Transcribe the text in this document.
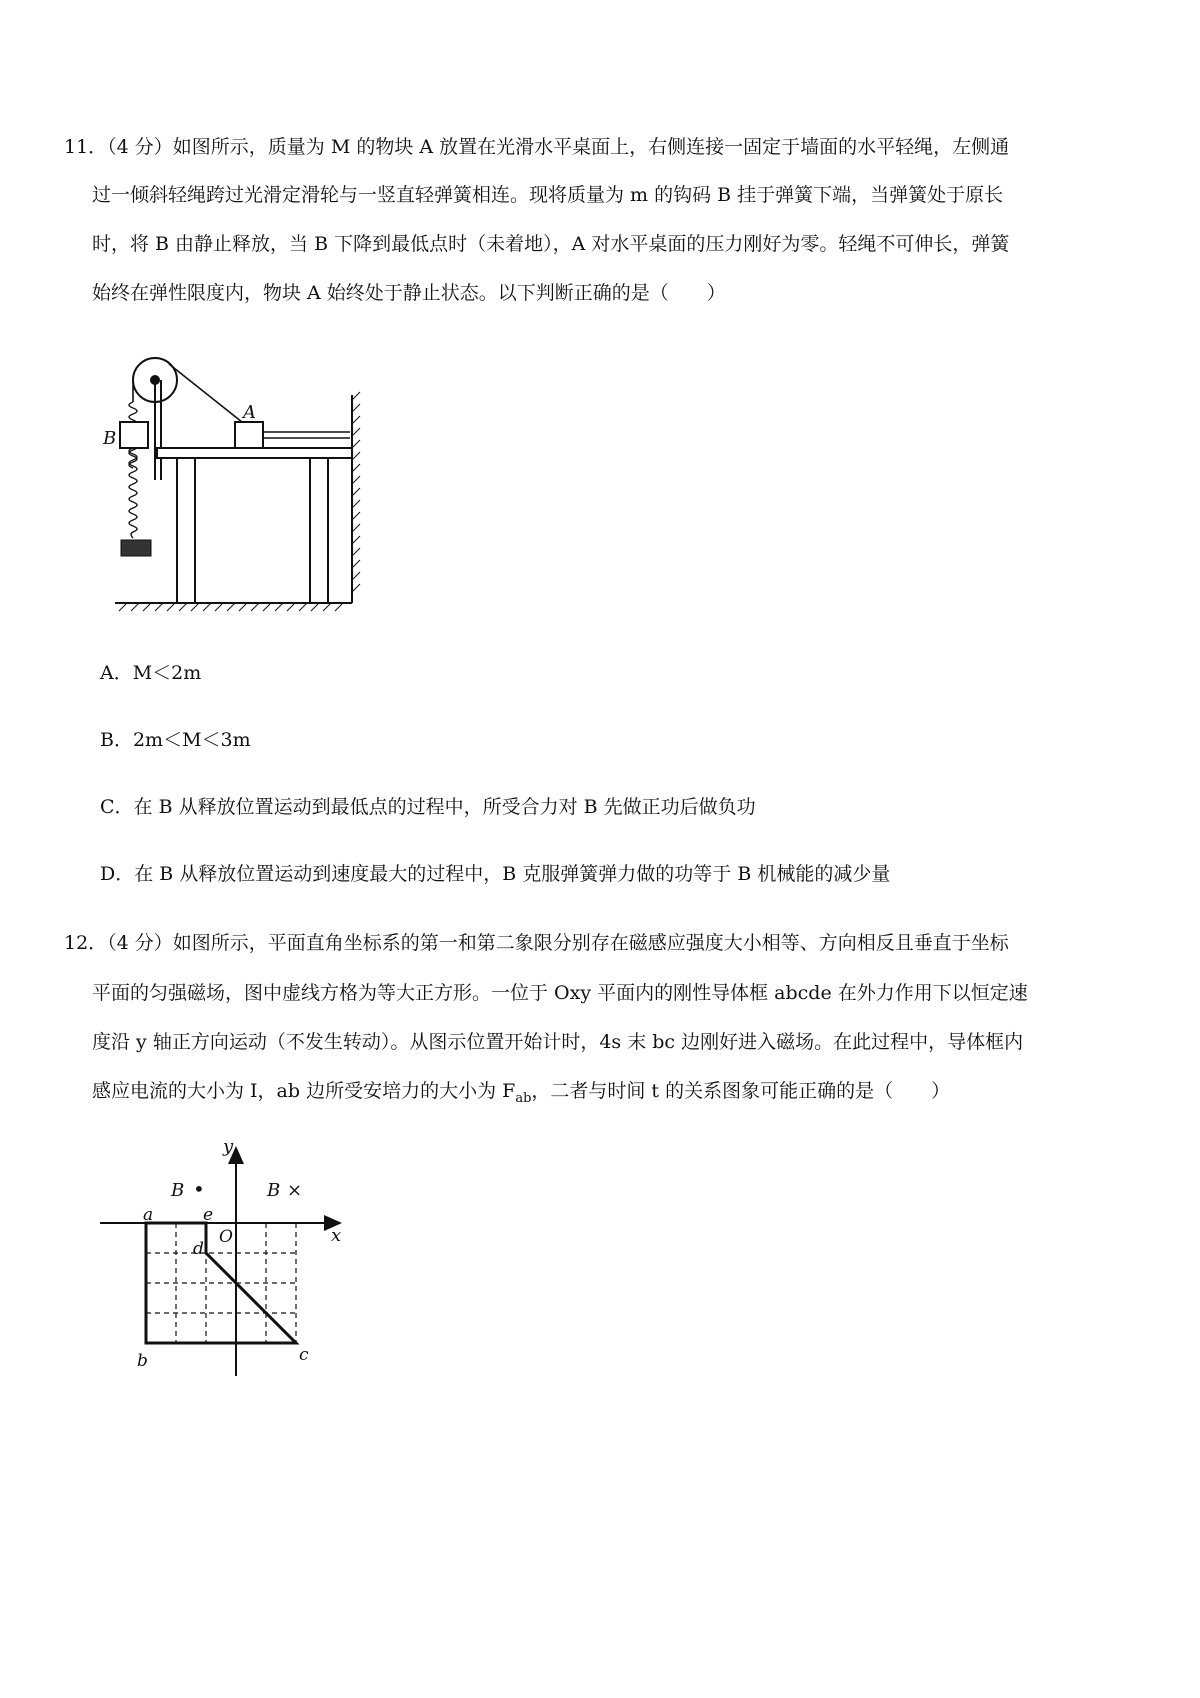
11．（4 分）如图所示，质量为 M 的物块 A 放置在光滑水平桌面上，右侧连接一固定于墙面的水平轻绳，左侧通
过一倾斜轻绳跨过光滑定滑轮与一竖直轻弹簧相连。现将质量为 m 的钩码 B 挂于弹簧下端，当弹簧处于原长
时，将 B 由静止释放，当 B 下降到最低点时（未着地），A 对水平桌面的压力刚好为零。轻绳不可伸长，弹簧
始终在弹性限度内，物块 A 始终处于静止状态。以下判断正确的是（　　）
B
A
A．M＜2m
B．2m＜M＜3m
C．在 B 从释放位置运动到最低点的过程中，所受合力对 B 先做正功后做负功
D．在 B 从释放位置运动到速度最大的过程中，B 克服弹簧弹力做的功等于 B 机械能的减少量
12．（4 分）如图所示，平面直角坐标系的第一和第二象限分别存在磁感应强度大小相等、方向相反且垂直于坐标
平面的匀强磁场，图中虚线方格为等大正方形。一位于 Oxy 平面内的刚性导体框 abcde 在外力作用下以恒定速
度沿 y 轴正方向运动（不发生转动）。从图示位置开始计时，4s 末 bc 边刚好进入磁场。在此过程中，导体框内
感应电流的大小为 I，ab 边所受安培力的大小为 $F_{ab}$，二者与时间 t 的关系图象可能正确的是（　　）
y
x
O
B •	B ×
a	e
d
b	c
